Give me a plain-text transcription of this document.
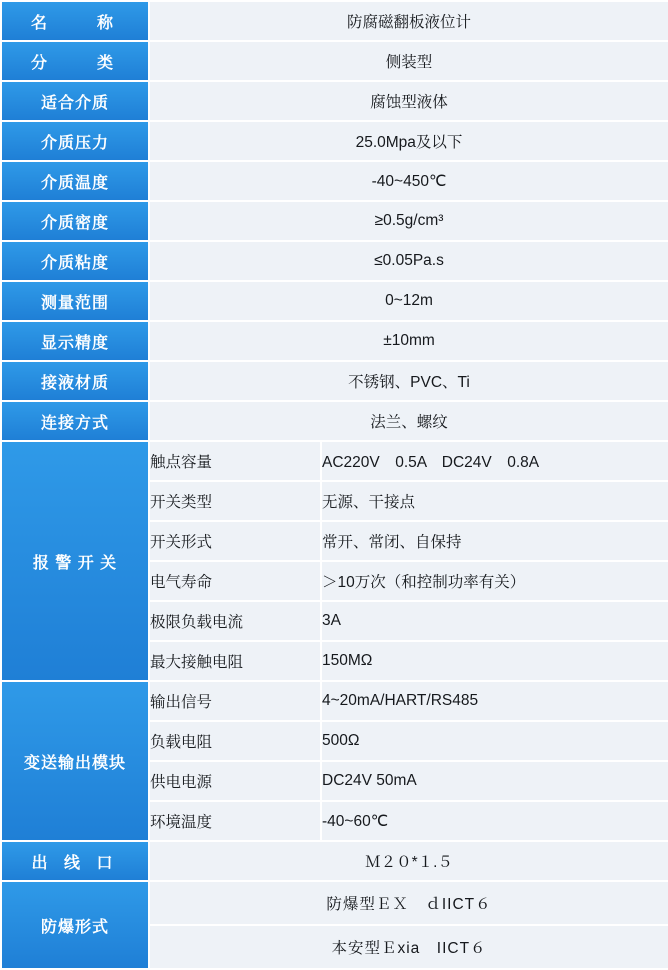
名　　称	防腐磁翻板液位计	
分　　类	侧装型	
适合介质	腐蚀型液体	
介质压力	25.0Mpa及以下	
介质温度	-40~450℃	
介质密度	≥0.5g/cm³	
介质粘度	≤0.05Pa.s	
测量范围	0~12m	
显示精度	±10mm	
接液材质	不锈钢、PVC、Ti	
连接方式	法兰、螺纹	
报 警 开 关	触点容量	AC220V　0.5A　DC24V　0.8A
	开关类型	无源、干接点
	开关形式	常开、常闭、自保持
	电气寿命	＞10万次（和控制功率有关）
	极限负载电流	3A
	最大接触电阻	150MΩ
变送输出模块	输出信号	4~20mA/HART/RS485
	负载电阻	500Ω
	供电电源	DC24V 50mA
	环境温度	-40~60℃
出 线 口	Ｍ２０*１.５	
防爆形式	防爆型ＥＸ　ｄIICT６	
	本安型Ｅxia　IICT６	
